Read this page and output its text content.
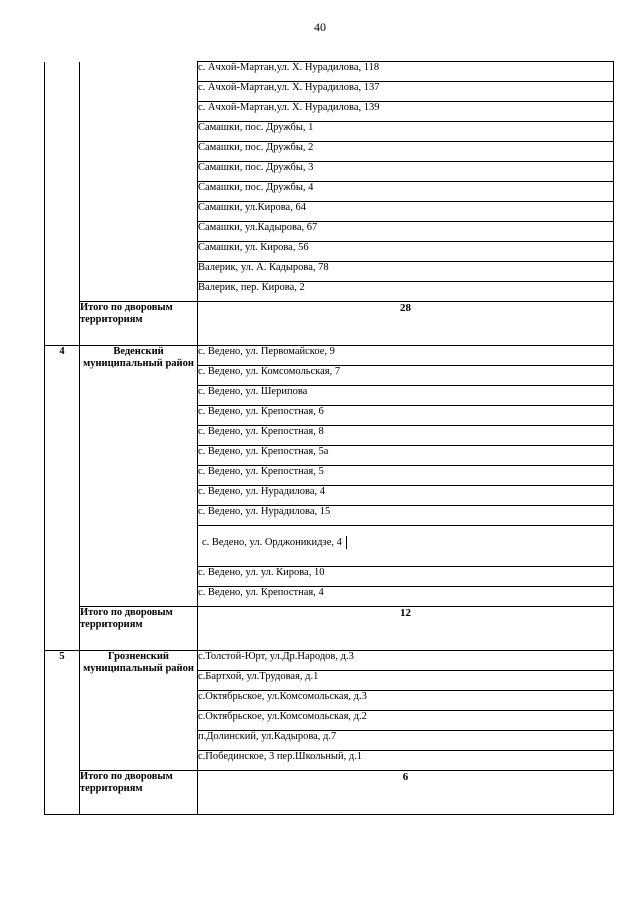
40
		с. Ачхой-Мартан,ул. Х. Нурадилова, 118
		с. Ачхой-Мартан,ул. Х. Нурадилова, 137
		с. Ачхой-Мартан,ул. Х. Нурадилова, 139
		Самашки, пос. Дружбы, 1
		Самашки, пос. Дружбы, 2
		Самашки, пос. Дружбы, 3
		Самашки, пос. Дружбы, 4
		Самашки, ул.Кирова, 64
		Самашки, ул.Кадырова, 67
		Самашки, ул. Кирова, 56
		Валерик, ул. А. Кадырова, 78
		Валерик, пер. Кирова, 2
	Итого по дворовым территориям	28
4	Веденский муниципальный район	с. Ведено, ул. Первомайское, 9
		с. Ведено, ул. Комсомольская, 7
		с. Ведено, ул. Шерипова
		с. Ведено, ул. Крепостная, 6
		с. Ведено, ул. Крепостная, 8
		с. Ведено, ул. Крепостная, 5а
		с. Ведено, ул. Крепостная, 5
		с. Ведено, ул. Нурадилова, 4
		с. Ведено, ул. Нурадилова, 15

		с. Ведено, ул. Орджоникидзе, 4

		с. Ведено, ул. ул. Кирова, 10
		с. Ведено, ул. Крепостная, 4
	Итого по дворовым территориям	12
5	Грозненский муниципальный район	с.Толстой-Юрт, ул.Др.Народов, д.3
		с.Бартхой, ул.Трудовая, д.1
		с.Октябрьское, ул.Комсомольская, д.3
		с.Октябрьское, ул.Комсомольская, д.2
		п.Долинский, ул.Кадырова, д.7
		с.Побединское, 3 пер.Школьный, д.1
	Итого по дворовым территориям	6
